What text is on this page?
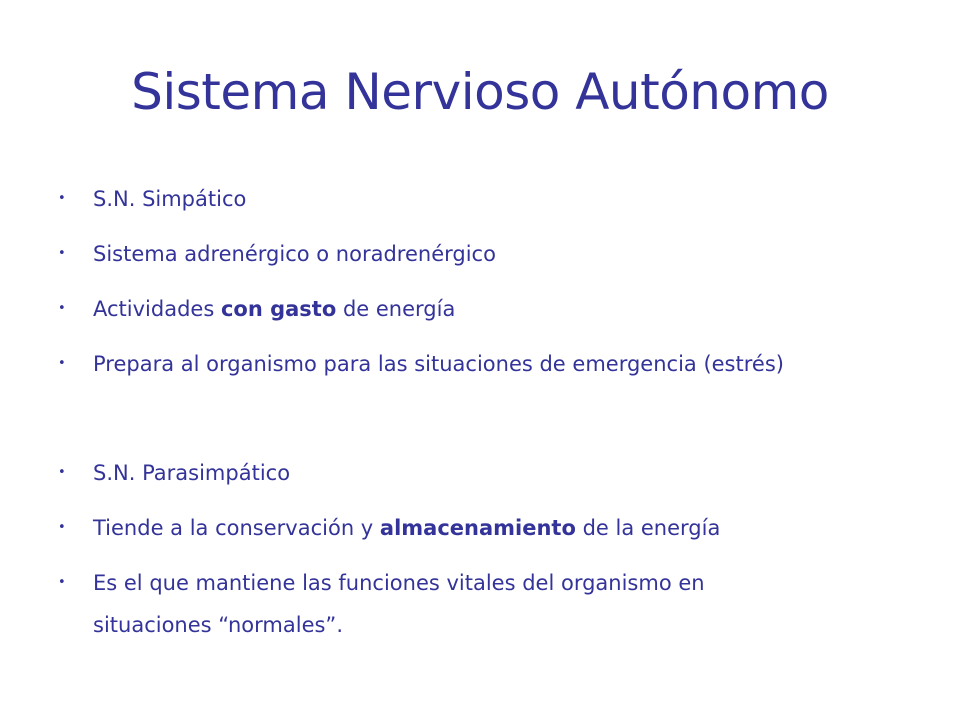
Sistema Nervioso Autónomo
•	S.N. Simpático
•	Sistema adrenérgico o noradrenérgico
•	Actividades con gasto de energía
•	Prepara al organismo para las situaciones de emergencia (estrés)
•	S.N. Parasimpático
•	Tiende a la conservación y almacenamiento de la energía
•	Es el que mantiene las funciones vitales del organismo en
situaciones “normales”.
